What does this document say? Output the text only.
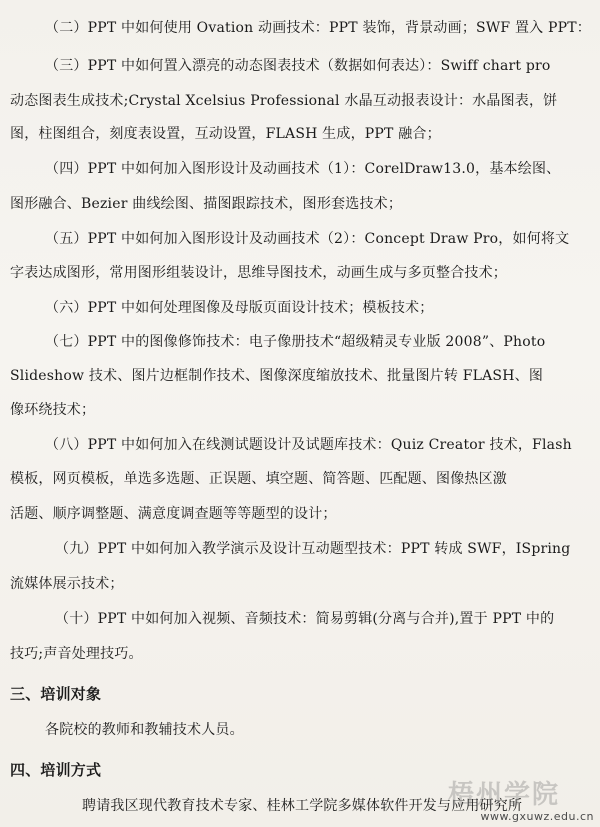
（二）PPT 中如何使用 Ovation 动画技术：PPT 装饰，背景动画；SWF 置入 PPT：
（三）PPT 中如何置入漂亮的动态图表技术（数据如何表达）：Swiff chart pro
动态图表生成技术;Crystal Xcelsius Professional 水晶互动报表设计：水晶图表，饼
图，柱图组合，刻度表设置，互动设置，FLASH 生成，PPT 融合；
（四）PPT 中如何加入图形设计及动画技术（1）：CorelDraw13.0，基本绘图、
图形融合、Bezier 曲线绘图、描图跟踪技术，图形套选技术；
（五）PPT 中如何加入图形设计及动画技术（2）：Concept Draw Pro，如何将文
字表达成图形，常用图形组装设计，思维导图技术，动画生成与多页整合技术；
（六）PPT 中如何处理图像及母版页面设计技术；模板技术；
（七）PPT 中的图像修饰技术：电子像册技术“超级精灵专业版 2008”、Photo
Slideshow 技术、图片边框制作技术、图像深度缩放技术、批量图片转 FLASH、图
像环绕技术；
（八）PPT 中如何加入在线测试题设计及试题库技术：Quiz Creator 技术，Flash
模板，网页模板，单选多选题、正误题、填空题、简答题、匹配题、图像热区激
活题、顺序调整题、满意度调查题等等题型的设计；
（九）PPT 中如何加入教学演示及设计互动题型技术：PPT 转成 SWF，ISpring
流媒体展示技术；
（十）PPT 中如何加入视频、音频技术：简易剪辑(分离与合并),置于 PPT 中的
技巧;声音处理技巧。
三、培训对象
各院校的教师和教辅技术人员。
四、培训方式
聘请我区现代教育技术专家、桂林工学院多媒体软件开发与应用研究所
梧州学院
www.gxuwz.edu.cn
